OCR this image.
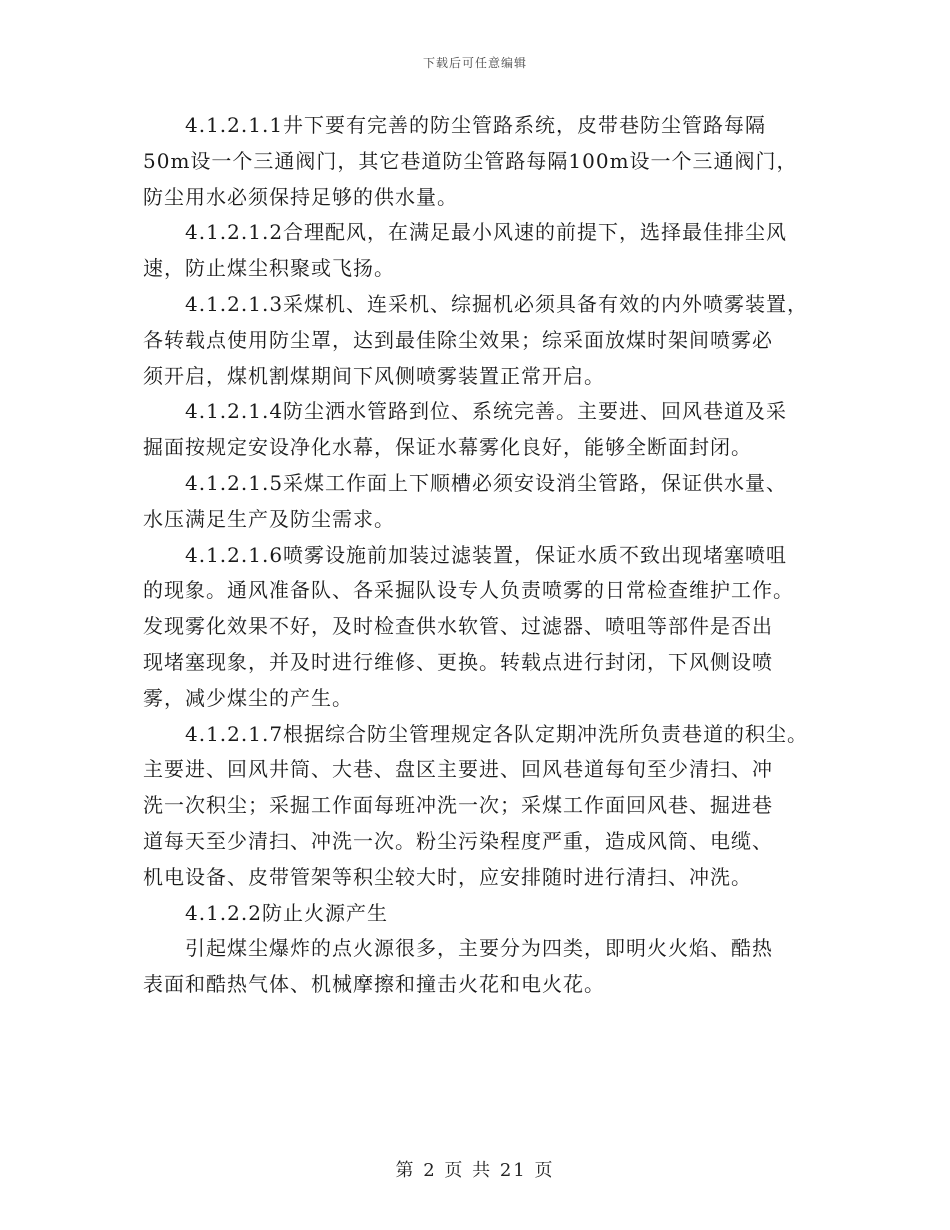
下载后可任意编辑
4.1.2.1.1井下要有完善的防尘管路系统，皮带巷防尘管路每隔
50m设一个三通阀门，其它巷道防尘管路每隔100m设一个三通阀门，
防尘用水必须保持足够的供水量。
4.1.2.1.2合理配风，在满足最小风速的前提下，选择最佳排尘风
速，防止煤尘积聚或飞扬。
4.1.2.1.3采煤机、连采机、综掘机必须具备有效的内外喷雾装置，
各转载点使用防尘罩，达到最佳除尘效果；综采面放煤时架间喷雾必
须开启，煤机割煤期间下风侧喷雾装置正常开启。
4.1.2.1.4防尘洒水管路到位、系统完善。主要进、回风巷道及采
掘面按规定安设净化水幕，保证水幕雾化良好，能够全断面封闭。
4.1.2.1.5采煤工作面上下顺槽必须安设消尘管路，保证供水量、
水压满足生产及防尘需求。
4.1.2.1.6喷雾设施前加装过滤装置，保证水质不致出现堵塞喷咀
的现象。通风准备队、各采掘队设专人负责喷雾的日常检查维护工作。
发现雾化效果不好，及时检查供水软管、过滤器、喷咀等部件是否出
现堵塞现象，并及时进行维修、更换。转载点进行封闭，下风侧设喷
雾，减少煤尘的产生。
4.1.2.1.7根据综合防尘管理规定各队定期冲洗所负责巷道的积尘。
主要进、回风井筒、大巷、盘区主要进、回风巷道每旬至少清扫、冲
洗一次积尘；采掘工作面每班冲洗一次；采煤工作面回风巷、掘进巷
道每天至少清扫、冲洗一次。粉尘污染程度严重，造成风筒、电缆、
机电设备、皮带管架等积尘较大时，应安排随时进行清扫、冲洗。
4.1.2.2防止火源产生
引起煤尘爆炸的点火源很多，主要分为四类，即明火火焰、酷热
表面和酷热气体、机械摩擦和撞击火花和电火花。
第 2 页 共 21 页
